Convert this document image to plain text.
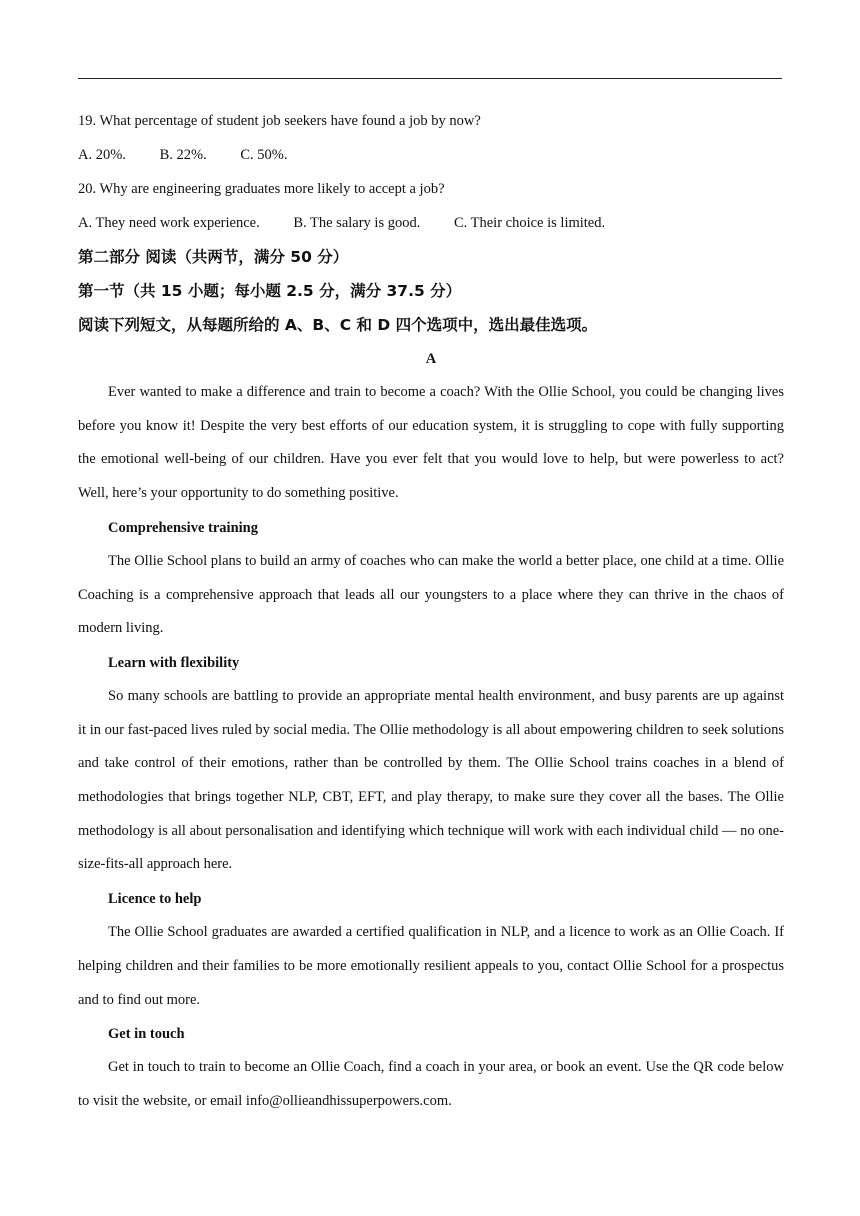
19. What percentage of student job seekers have found a job by now?
A. 20%. B. 22%. C. 50%.
20. Why are engineering graduates more likely to accept a job?
A. They need work experience. B. The salary is good. C. Their choice is limited.
第二部分 阅读（共两节，满分 50 分）
第一节（共 15 小题；每小题 2.5 分，满分 37.5 分）
阅读下列短文，从每题所给的 A、B、C 和 D 四个选项中，选出最佳选项。
A

Ever wanted to make a difference and train to become a coach? With the Ollie School, you could be changing lives before you know it! Despite the very best efforts of our education system, it is struggling to cope with fully supporting the emotional well-being of our children. Have you ever felt that you would love to help, but were powerless to act? Well, here’s your opportunity to do something positive.

Comprehensive training

The Ollie School plans to build an army of coaches who can make the world a better place, one child at a time. Ollie Coaching is a comprehensive approach that leads all our youngsters to a place where they can thrive in the chaos of modern living.

Learn with flexibility

So many schools are battling to provide an appropriate mental health environment, and busy parents are up against it in our fast-paced lives ruled by social media. The Ollie methodology is all about empowering children to seek solutions and take control of their emotions, rather than be controlled by them. The Ollie School trains coaches in a blend of methodologies that brings together NLP, CBT, EFT, and play therapy, to make sure they cover all the bases. The Ollie methodology is all about personalisation and identifying which technique will work with each individual child — no one-size-fits-all approach here.

Licence to help

The Ollie School graduates are awarded a certified qualification in NLP, and a licence to work as an Ollie Coach. If helping children and their families to be more emotionally resilient appeals to you, contact Ollie School for a prospectus and to find out more.

Get in touch

Get in touch to train to become an Ollie Coach, find a coach in your area, or book an event. Use the QR code below to visit the website, or email info@ollieandhissuperpowers.com.
